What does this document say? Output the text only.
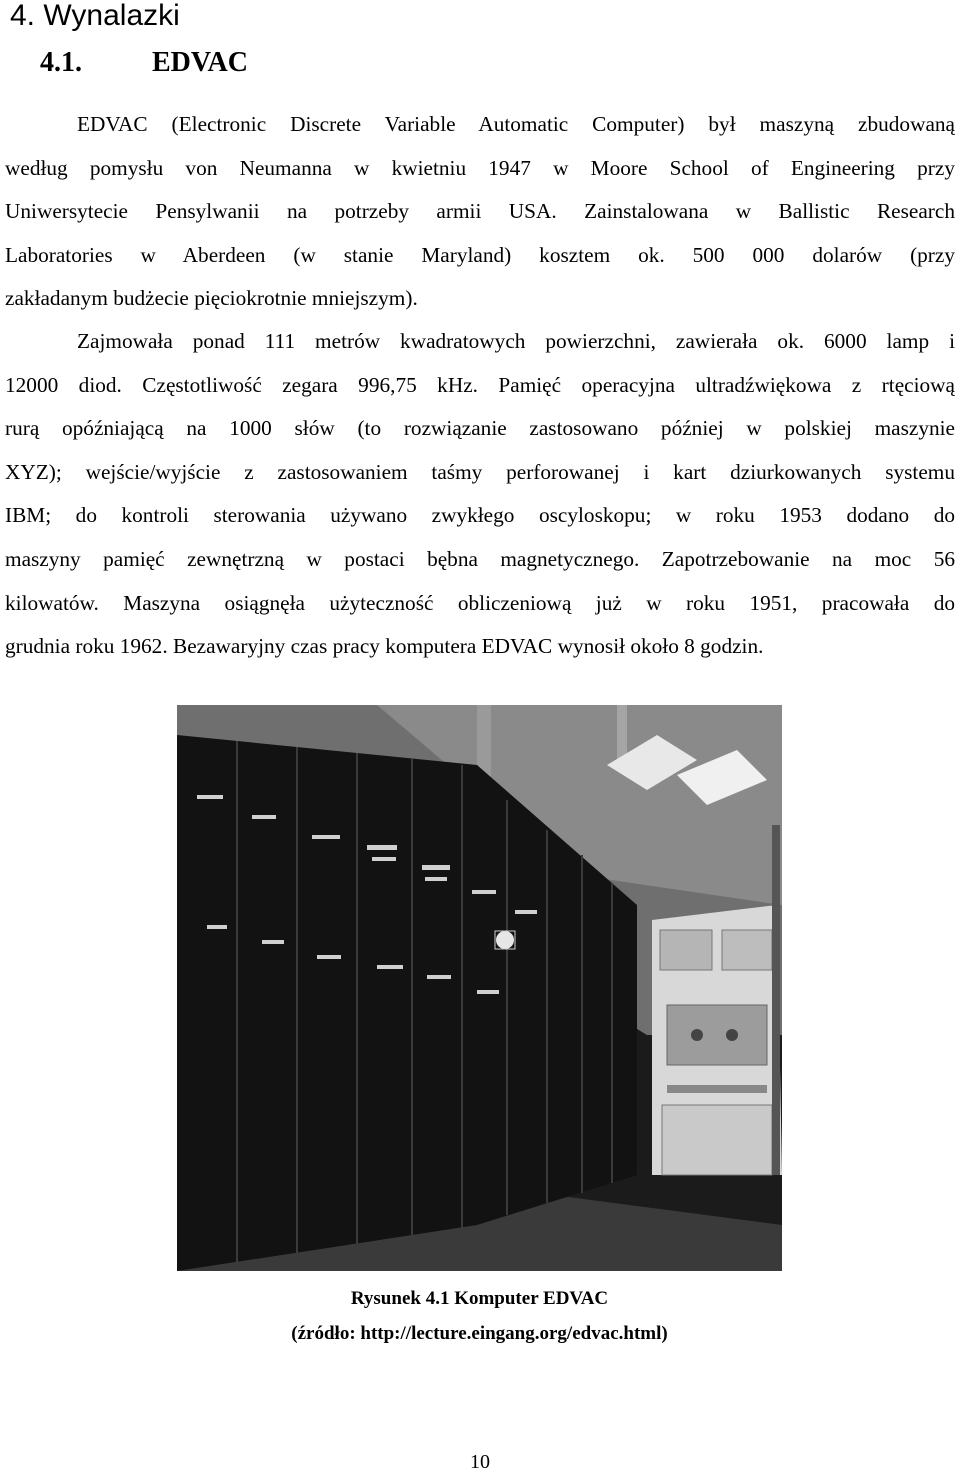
4. Wynalazki
4.1.	EDVAC
EDVAC (Electronic Discrete Variable Automatic Computer) był maszyną zbudowaną
według pomysłu von Neumanna w kwietniu 1947 w Moore School of Engineering przy
Uniwersytecie Pensylwanii na potrzeby armii USA. Zainstalowana w Ballistic Research
Laboratories w Aberdeen (w stanie Maryland) kosztem ok. 500 000 dolarów (przy
zakładanym budżecie pięciokrotnie mniejszym).
Zajmowała ponad 111 metrów kwadratowych powierzchni, zawierała ok. 6000 lamp i
12000 diod. Częstotliwość zegara 996,75 kHz. Pamięć operacyjna ultradźwiękowa z rtęciową
rurą opóźniającą na 1000 słów (to rozwiązanie zastosowano później w polskiej maszynie
XYZ); wejście/wyjście z zastosowaniem taśmy perforowanej i kart dziurkowanych systemu
IBM; do kontroli sterowania używano zwykłego oscyloskopu; w roku 1953 dodano do
maszyny pamięć zewnętrzną w postaci bębna magnetycznego. Zapotrzebowanie na moc 56
kilowatów. Maszyna osiągnęła użyteczność obliczeniową już w roku 1951, pracowała do
grudnia roku 1962. Bezawaryjny czas pracy komputera EDVAC wynosił około 8 godzin.
Rysunek 4.1 Komputer EDVAC
(źródło: http://lecture.eingang.org/edvac.html)
10
